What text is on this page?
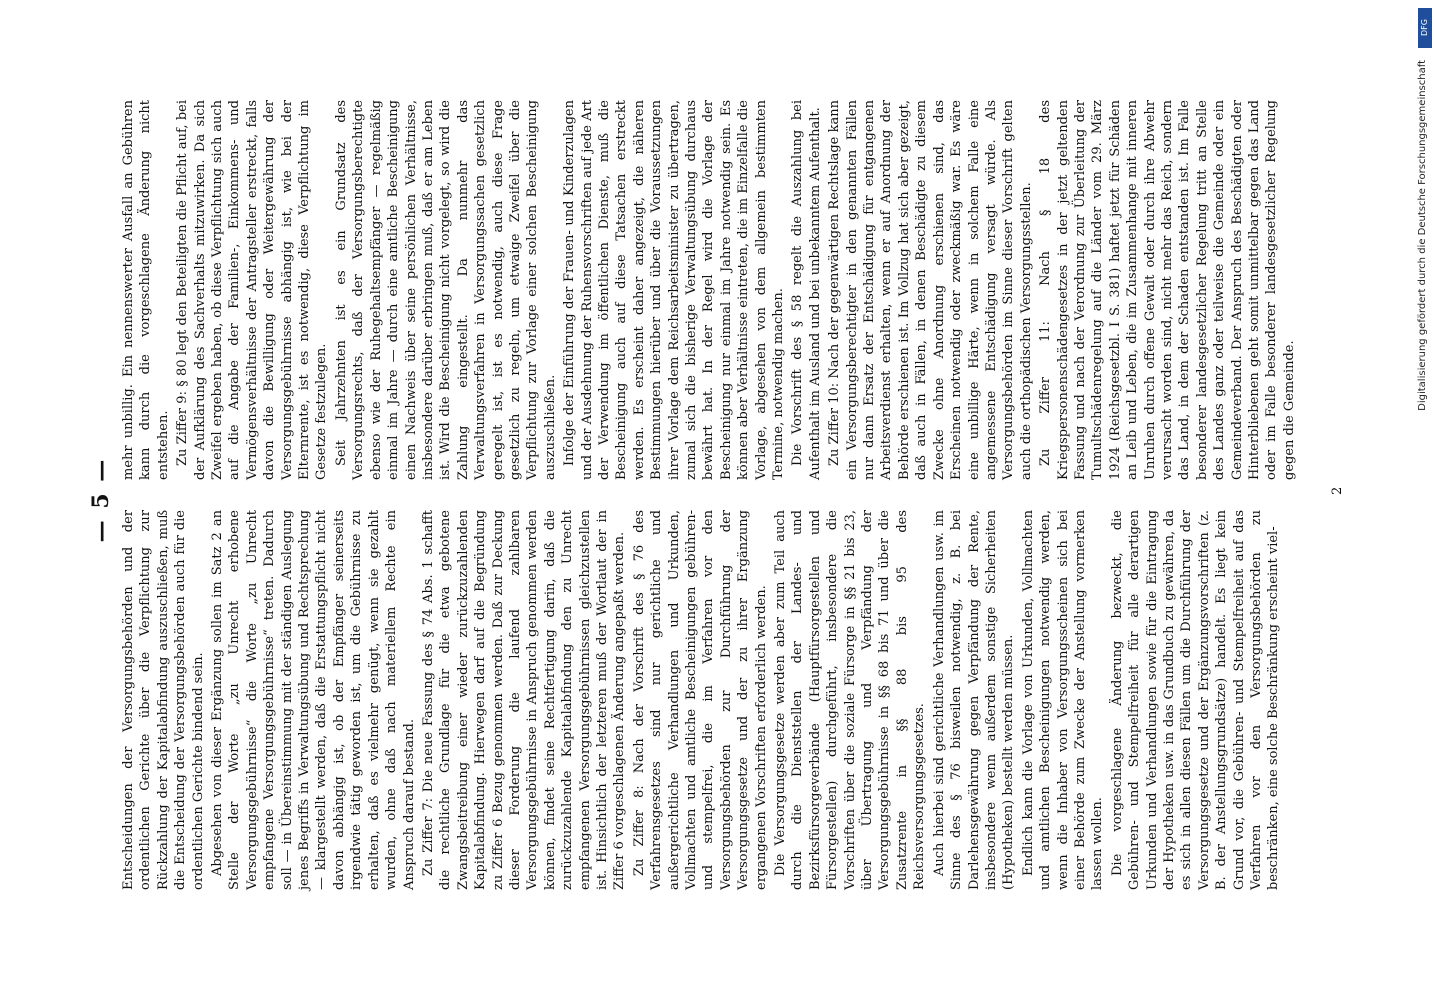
— 5 —

Entscheidungen der Versorgungsbehörden und der ordentlichen Gerichte über die Verpflichtung zur Rückzahlung der Kapitalabfindung auszuschließen, muß die Entscheidung der Versorgungsbehörden auch für die ordentlichen Gerichte bindend sein. Abgesehen von dieser Ergänzung sollen im Satz 2 an Stelle der Worte „zu Unrecht erhobene Versorgungsgebührnisse“ die Worte „zu Unrecht empfangene Versorgungsgebührnisse“ treten. Dadurch soll — in Übereinstimmung mit der ständigen Auslegung jenes Begriffs in Verwaltungsübung und Rechtsprechung — klargestellt werden, daß die Erstattungspflicht nicht davon abhängig ist, ob der Empfänger seinerseits irgendwie tätig geworden ist, um die Gebührnisse zu erhalten, daß es vielmehr genügt, wenn sie gezahlt wurden, ohne daß nach materiellem Rechte ein Anspruch darauf bestand. Zu Ziffer 7: Die neue Fassung des § 74 Abs. 1 schafft die rechtliche Grundlage für die etwa gebotene Zwangsbeitreibung einer wieder zurückzuzahlenden Kapitalabfindung. Hierwegen darf auf die Begründung zu Ziffer 6 Bezug genommen werden. Daß zur Deckung dieser Forderung die laufend zahlbaren Versorgungsgebührnisse in Anspruch genommen werden können, findet seine Rechtfertigung darin, daß die zurückzuzahlende Kapitalabfindung den zu Unrecht empfangenen Versorgungsgebührnissen gleichzustellen ist. Hinsichtlich der letzteren muß der Wortlaut der in Ziffer 6 vorgeschlagenen Änderung angepaßt werden. Zu Ziffer 8: Nach der Vorschrift des § 76 des Verfahrensgesetzes sind nur gerichtliche und außergerichtliche Verhandlungen und Urkunden, Vollmachten und amtliche Bescheinigungen gebühren- und stempelfrei, die im Verfahren vor den Versorgungsbehörden zur Durchführung der Versorgungsgesetze und der zu ihrer Ergänzung ergangenen Vorschriften erforderlich werden. Die Versorgungsgesetze werden aber zum Teil auch durch die Dienststellen der Landes- und Bezirksfürsorgeverbände (Hauptfürsorgestellen und Fürsorgestellen) durchgeführt, insbesondere die Vorschriften über die soziale Fürsorge in §§ 21 bis 23, über Übertragung und Verpfändung der Versorgungsgebührnisse in §§ 68 bis 71 und über die Zusatzrente in §§ 88 bis 95 des Reichsversorgungsgesetzes. Auch hierbei sind gerichtliche Verhandlungen usw. im Sinne des § 76 bisweilen notwendig, z. B. bei Darlehensgewährung gegen Verpfändung der Rente, insbesondere wenn außerdem sonstige Sicherheiten (Hypotheken) bestellt werden müssen. Endlich kann die Vorlage von Urkunden, Vollmachten und amtlichen Bescheinigungen notwendig werden, wenn die Inhaber von Versorgungsscheinen sich bei einer Behörde zum Zwecke der Anstellung vormerken lassen wollen. Die vorgeschlagene Änderung bezweckt, die Gebühren- und Stempelfreiheit für alle derartigen Urkunden und Verhandlungen sowie für die Eintragung der Hypotheken usw. in das Grundbuch zu gewähren, da es sich in allen diesen Fällen um die Durchführung der Versorgungsgesetze und der Ergänzungsvorschriften (z. B. der Anstellungsgrundsätze) handelt. Es liegt kein Grund vor, die Gebühren- und Stempelfreiheit auf das Verfahren vor den Versorgungsbehörden zu beschränken, eine solche Beschränkung erscheint viel-

mehr unbillig. Ein nennenswerter Ausfall an Gebühren kann durch die vorgeschlagene Änderung nicht entstehen. Zu Ziffer 9: § 80 legt den Beteiligten die Pflicht auf, bei der Aufklärung des Sachverhalts mitzuwirken. Da sich Zweifel ergeben haben, ob diese Verpflichtung sich auch auf die Angabe der Familien-, Einkommens- und Vermögensverhältnisse der Antragsteller erstreckt, falls davon die Bewilligung oder Weitergewährung der Versorgungsgebührnisse abhängig ist, wie bei der Elternrente, ist es notwendig, diese Verpflichtung im Gesetze festzulegen. Seit Jahrzehnten ist es ein Grundsatz des Versorgungsrechts, daß der Versorgungsberechtigte ebenso wie der Ruhegehaltsempfänger — regelmäßig einmal im Jahre — durch eine amtliche Bescheinigung einen Nachweis über seine persönlichen Verhältnisse, insbesondere darüber erbringen muß, daß er am Leben ist. Wird die Bescheinigung nicht vorgelegt, so wird die Zahlung eingestellt. Da nunmehr das Verwaltungsverfahren in Versorgungssachen gesetzlich geregelt ist, ist es notwendig, auch diese Frage gesetzlich zu regeln, um etwaige Zweifel über die Verpflichtung zur Vorlage einer solchen Bescheinigung auszuschließen. Infolge der Einführung der Frauen- und Kinderzulagen und der Ausdehnung der Ruhensvorschriften auf jede Art der Verwendung im öffentlichen Dienste, muß die Bescheinigung auch auf diese Tatsachen erstreckt werden. Es erscheint daher angezeigt, die näheren Bestimmungen hierüber und über die Voraussetzungen ihrer Vorlage dem Reichsarbeitsminister zu übertragen, zumal sich die bisherige Verwaltungsübung durchaus bewährt hat. In der Regel wird die Vorlage der Bescheinigung nur einmal im Jahre notwendig sein. Es können aber Verhältnisse eintreten, die im Einzelfalle die Vorlage, abgesehen von dem allgemein bestimmten Termine, notwendig machen. Die Vorschrift des § 58 regelt die Auszahlung bei Aufenthalt im Ausland und bei unbekanntem Aufenthalt. Zu Ziffer 10: Nach der gegenwärtigen Rechtslage kann ein Versorgungsberechtigter in den genannten Fällen nur dann Ersatz der Entschädigung für entgangenen Arbeitsverdienst erhalten, wenn er auf Anordnung der Behörde erschienen ist. Im Vollzug hat sich aber gezeigt, daß auch in Fällen, in denen Beschädigte zu diesem Zwecke ohne Anordnung erschienen sind, das Erscheinen notwendig oder zweckmäßig war. Es wäre eine unbillige Härte, wenn in solchem Falle eine angemessene Entschädigung versagt würde. Als Versorgungsbehörden im Sinne dieser Vorschrift gelten auch die orthopädischen Versorgungsstellen. Zu Ziffer 11: Nach § 18 des Kriegspersonenschädengesetzes in der jetzt geltenden Fassung und nach der Verordnung zur Überleitung der Tumultschädenregelung auf die Länder vom 29. März 1924 (Reichsgesetzbl. I S. 381) haftet jetzt für Schäden an Leib und Leben, die im Zusammenhange mit inneren Unruhen durch offene Gewalt oder durch ihre Abwehr verursacht worden sind, nicht mehr das Reich, sondern das Land, in dem der Schaden entstanden ist. Im Falle besonderer landesgesetzlicher Regelung tritt an Stelle des Landes ganz oder teilweise die Gemeinde oder ein Gemeindeverband. Der Anspruch des Beschädigten oder Hinterbliebenen geht somit unmittelbar gegen das Land oder im Falle besonderer landesgesetzlicher Regelung gegen die Gemeinde.

2
DFG
Digitalisierung gefördert durch die Deutsche Forschungsgemeinschaft
